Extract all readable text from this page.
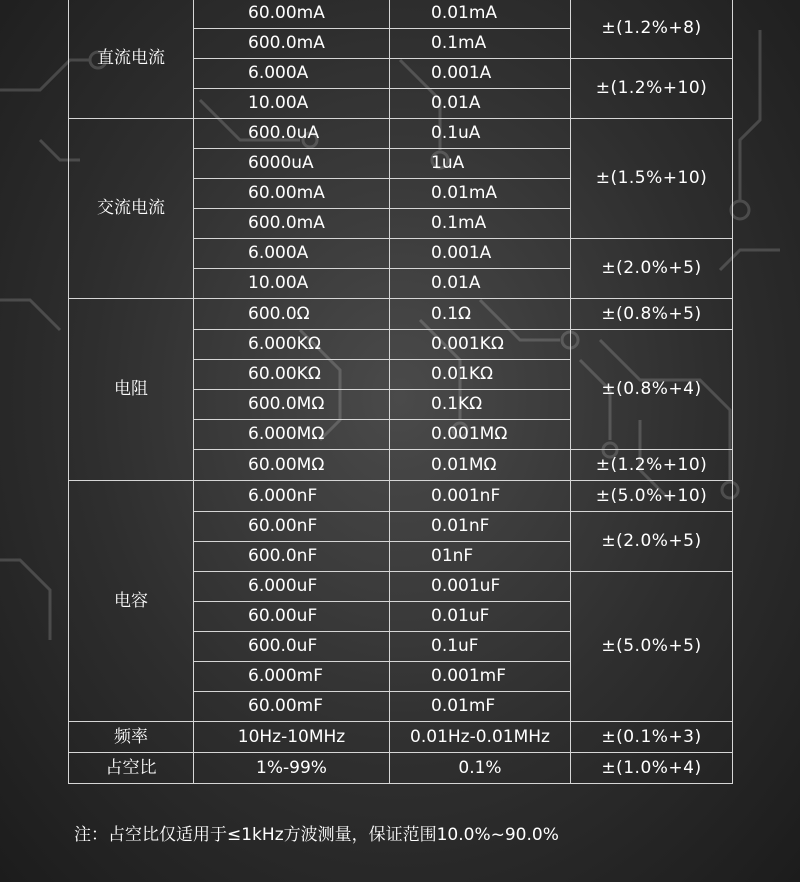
直流电流	60.00mA	0.01mA	±(1.2%+8)
	600.0mA	0.1mA	
	6.000A	0.001A	±(1.2%+10)
	10.00A	0.01A	
交流电流	600.0uA	0.1uA	±(1.5%+10)
	6000uA	1uA	
	60.00mA	0.01mA	
	600.0mA	0.1mA	
	6.000A	0.001A	±(2.0%+5)
	10.00A	0.01A	
电阻	600.0Ω	0.1Ω	±(0.8%+5)
	6.000KΩ	0.001KΩ	±(0.8%+4)
	60.00KΩ	0.01KΩ	
	600.0MΩ	0.1KΩ	
	6.000MΩ	0.001MΩ	
	60.00MΩ	0.01MΩ	±(1.2%+10)
电容	6.000nF	0.001nF	±(5.0%+10)
	60.00nF	0.01nF	±(2.0%+5)
	600.0nF	01nF	
	6.000uF	0.001uF	±(5.0%+5)
	60.00uF	0.01uF	
	600.0uF	0.1uF	
	6.000mF	0.001mF	
	60.00mF	0.01mF	
频率	10Hz-10MHz	0.01Hz-0.01MHz	±(0.1%+3)
占空比	1%-99%	0.1%	±(1.0%+4)
注：占空比仅适用于≤1kHz方波测量，保证范围10.0%~90.0%
